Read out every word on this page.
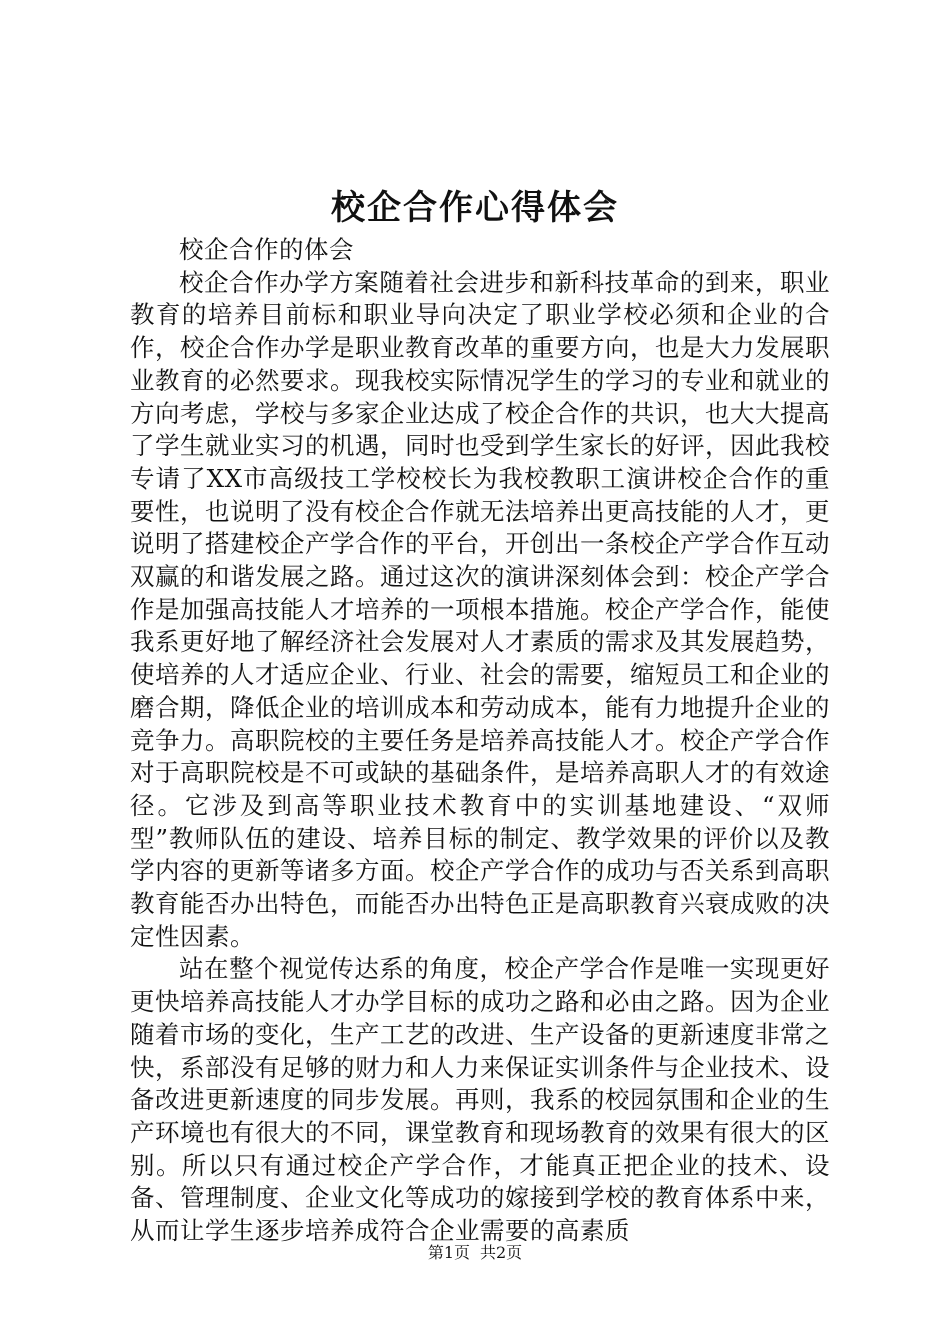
校企合作心得体会

校企合作的体会

校企合作办学方案随着社会进步和新科技革命的到来，职业教育的培养目前标和职业导向决定了职业学校必须和企业的合作，校企合作办学是职业教育改革的重要方向，也是大力发展职业教育的必然要求。现我校实际情况学生的学习的专业和就业的方向考虑，学校与多家企业达成了校企合作的共识，也大大提高了学生就业实习的机遇，同时也受到学生家长的好评，因此我校专请了XX市高级技工学校校长为我校教职工演讲校企合作的重要性，也说明了没有校企合作就无法培养出更高技能的人才，更说明了搭建校企产学合作的平台，开创出一条校企产学合作互动双赢的和谐发展之路。通过这次的演讲深刻体会到：校企产学合作是加强高技能人才培养的一项根本措施。校企产学合作，能使我系更好地了解经济社会发展对人才素质的需求及其发展趋势，使培养的人才适应企业、行业、社会的需要，缩短员工和企业的磨合期，降低企业的培训成本和劳动成本，能有力地提升企业的竞争力。高职院校的主要任务是培养高技能人才。校企产学合作对于高职院校是不可或缺的基础条件，是培养高职人才的有效途径。它涉及到高等职业技术教育中的实训基地建设、“双师型”教师队伍的建设、培养目标的制定、教学效果的评价以及教学内容的更新等诸多方面。校企产学合作的成功与否关系到高职教育能否办出特色，而能否办出特色正是高职教育兴衰成败的决定性因素。

站在整个视觉传达系的角度，校企产学合作是唯一实现更好更快培养高技能人才办学目标的成功之路和必由之路。因为企业随着市场的变化，生产工艺的改进、生产设备的更新速度非常之快，系部没有足够的财力和人力来保证实训条件与企业技术、设备改进更新速度的同步发展。再则，我系的校园氛围和企业的生产环境也有很大的不同，课堂教育和现场教育的效果有很大的区别。所以只有通过校企产学合作，才能真正把企业的技术、设备、管理制度、企业文化等成功的嫁接到学校的教育体系中来，从而让学生逐步培养成符合企业需要的高素质

第1页 共2页
